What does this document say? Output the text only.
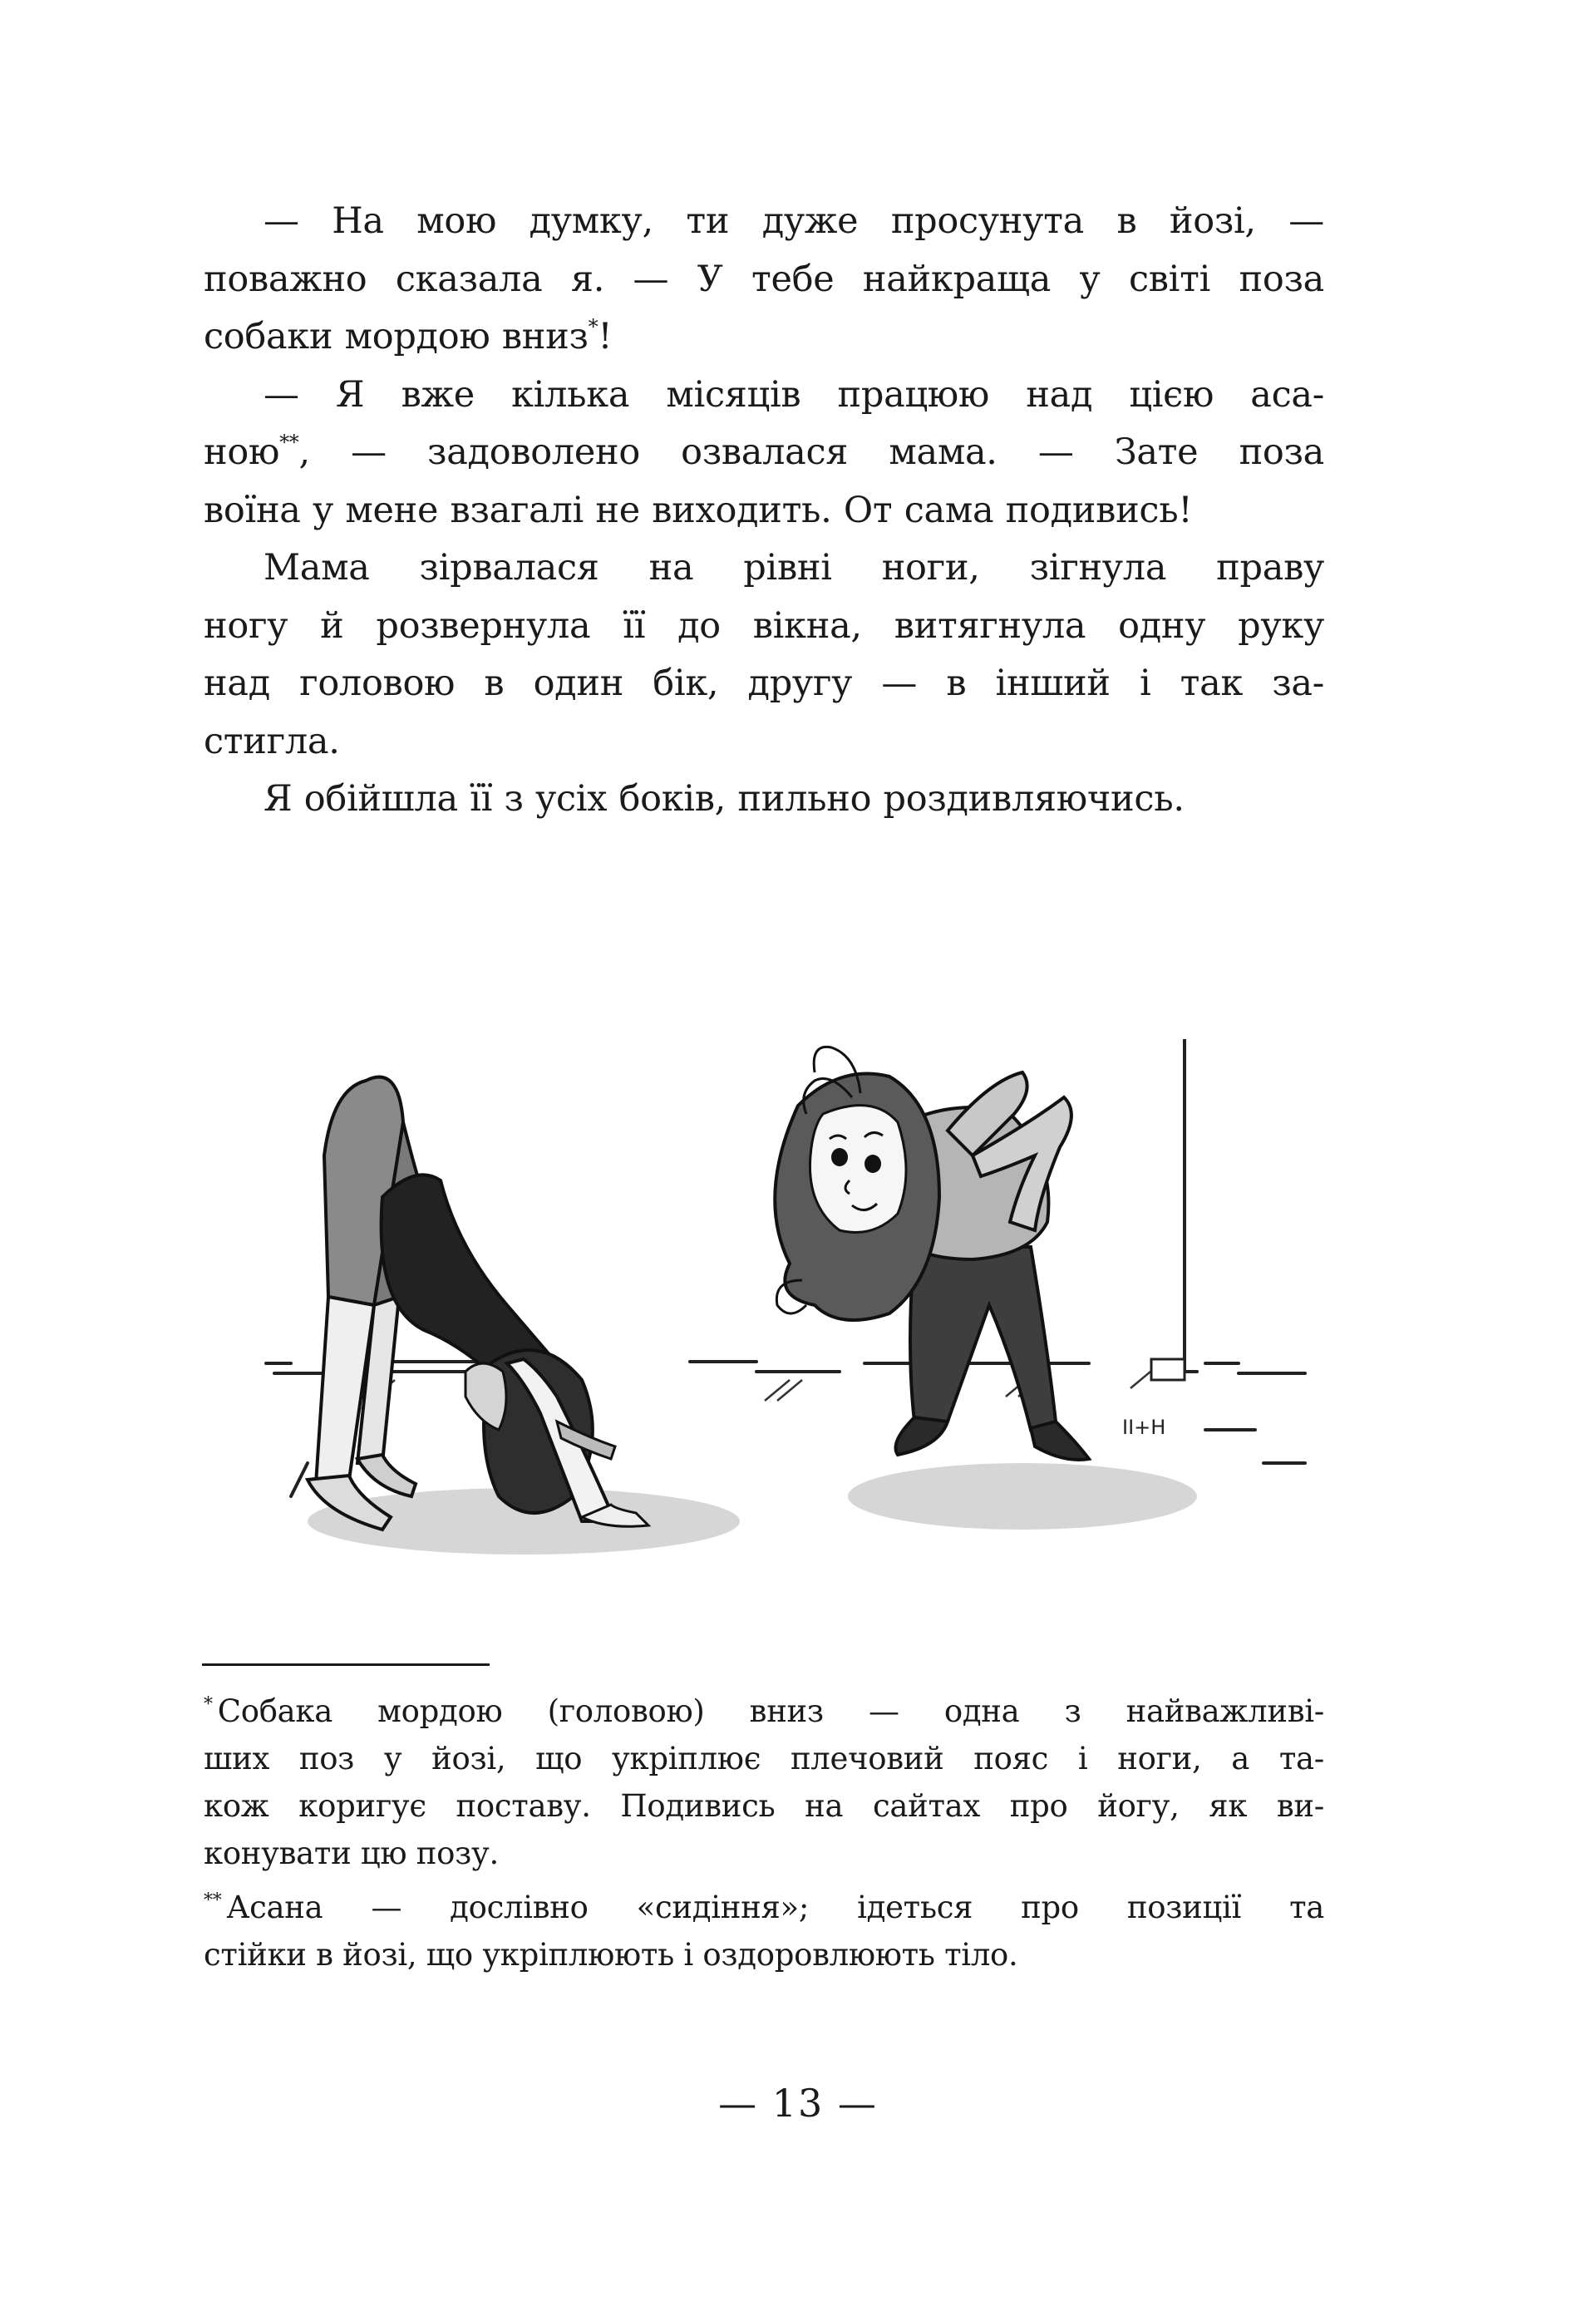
— На мою думку, ти дуже просунута в йозі, —
поважно сказала я. — У тебе найкраща у світі поза
собаки мордою вниз*!
— Я вже кілька місяців працюю над цією аса-
ною**, — задоволено озвалася мама. — Зате поза
воїна у мене взагалі не виходить. От сама подивись!
Мама зірвалася на рівні ноги, зігнула праву
ногу й розвернула її до вікна, витягнула одну руку
над головою в один бік, другу — в інший і так за-
стигла.
Я обійшла її з усіх боків, пильно роздивляючись.
ІІ+Н
* Собака мордою (головою) вниз — одна з найважливі-
ших поз у йозі, що укріплює плечовий пояс і ноги, а та-
кож коригує поставу. Подивись на сайтах про йогу, як ви-
конувати цю позу.
** Асана — дослівно «сидіння»; ідеться про позиції та
стійки в йозі, що укріплюють і оздоровлюють тіло.
— 13 —
